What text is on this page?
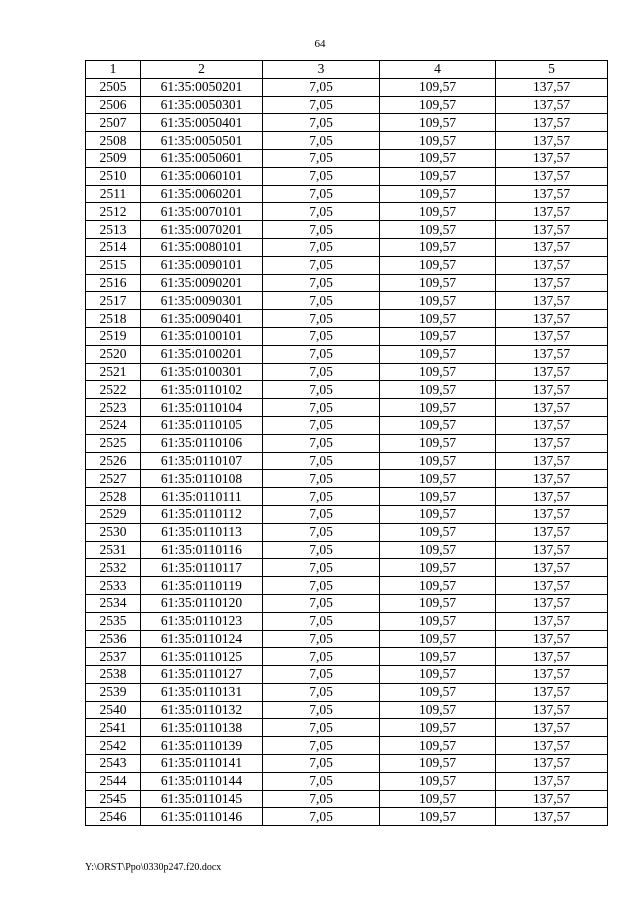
64
1	2	3	4	5
2505	61:35:0050201	7,05	109,57	137,57
2506	61:35:0050301	7,05	109,57	137,57
2507	61:35:0050401	7,05	109,57	137,57
2508	61:35:0050501	7,05	109,57	137,57
2509	61:35:0050601	7,05	109,57	137,57
2510	61:35:0060101	7,05	109,57	137,57
2511	61:35:0060201	7,05	109,57	137,57
2512	61:35:0070101	7,05	109,57	137,57
2513	61:35:0070201	7,05	109,57	137,57
2514	61:35:0080101	7,05	109,57	137,57
2515	61:35:0090101	7,05	109,57	137,57
2516	61:35:0090201	7,05	109,57	137,57
2517	61:35:0090301	7,05	109,57	137,57
2518	61:35:0090401	7,05	109,57	137,57
2519	61:35:0100101	7,05	109,57	137,57
2520	61:35:0100201	7,05	109,57	137,57
2521	61:35:0100301	7,05	109,57	137,57
2522	61:35:0110102	7,05	109,57	137,57
2523	61:35:0110104	7,05	109,57	137,57
2524	61:35:0110105	7,05	109,57	137,57
2525	61:35:0110106	7,05	109,57	137,57
2526	61:35:0110107	7,05	109,57	137,57
2527	61:35:0110108	7,05	109,57	137,57
2528	61:35:0110111	7,05	109,57	137,57
2529	61:35:0110112	7,05	109,57	137,57
2530	61:35:0110113	7,05	109,57	137,57
2531	61:35:0110116	7,05	109,57	137,57
2532	61:35:0110117	7,05	109,57	137,57
2533	61:35:0110119	7,05	109,57	137,57
2534	61:35:0110120	7,05	109,57	137,57
2535	61:35:0110123	7,05	109,57	137,57
2536	61:35:0110124	7,05	109,57	137,57
2537	61:35:0110125	7,05	109,57	137,57
2538	61:35:0110127	7,05	109,57	137,57
2539	61:35:0110131	7,05	109,57	137,57
2540	61:35:0110132	7,05	109,57	137,57
2541	61:35:0110138	7,05	109,57	137,57
2542	61:35:0110139	7,05	109,57	137,57
2543	61:35:0110141	7,05	109,57	137,57
2544	61:35:0110144	7,05	109,57	137,57
2545	61:35:0110145	7,05	109,57	137,57
2546	61:35:0110146	7,05	109,57	137,57
Y:\ORST\Ppo\0330p247.f20.docx
